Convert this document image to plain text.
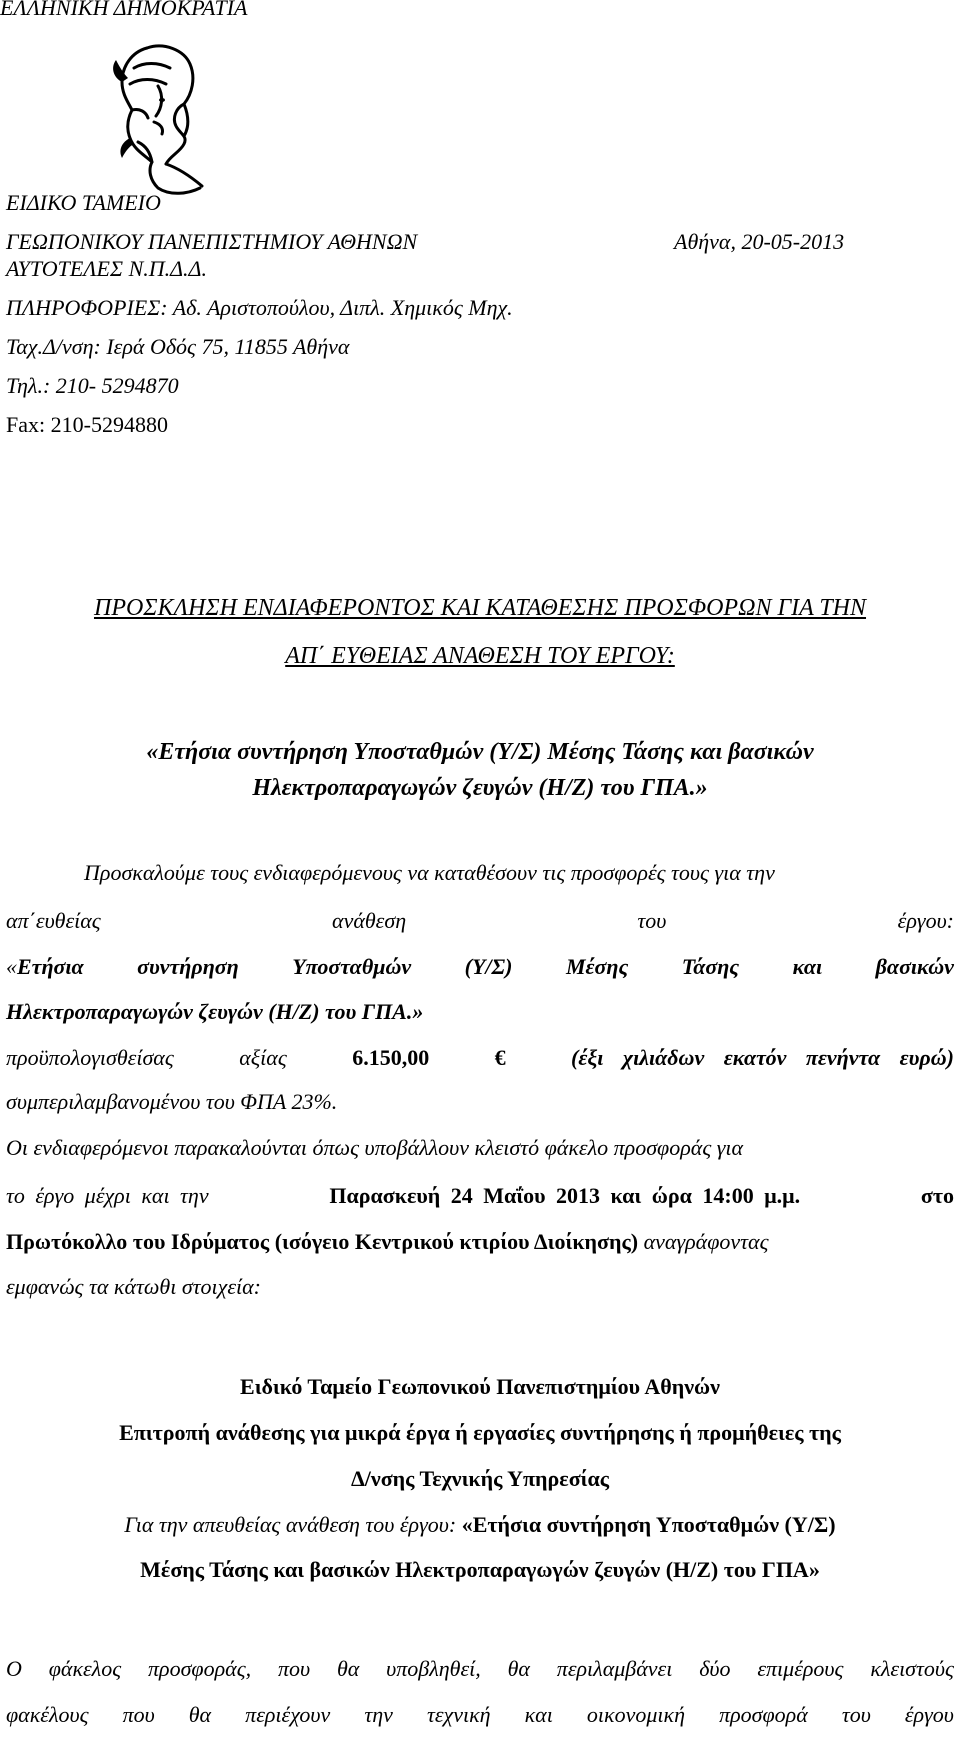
ΕΛΛΗΝΙΚΗ ΔΗΜΟΚΡΑΤΙΑ
ΕΙΔΙΚΟ ΤΑΜΕΙΟ
ΓΕΩΠΟΝΙΚΟΥ ΠΑΝΕΠΙΣΤΗΜΙΟΥ ΑΘΗΝΩΝ
ΑΥΤΟΤΕΛΕΣ Ν.Π.Δ.Δ.
Αθήνα, 20-05-2013
ΠΛΗΡΟΦΟΡΙΕΣ: Αδ. Αριστοπούλου, Διπλ. Χημικός Μηχ.
Ταχ.Δ/νση: Ιερά Οδός 75, 11855 Αθήνα
Τηλ.: 210- 5294870
Fax: 210-5294880
ΠΡΟΣΚΛΗΣΗ ΕΝΔΙΑΦΕΡΟΝΤΟΣ ΚΑΙ ΚΑΤΑΘΕΣΗΣ ΠΡΟΣΦΟΡΩΝ ΓΙΑ ΤΗΝ
ΑΠ΄ ΕΥΘΕΙΑΣ ΑΝΑΘΕΣΗ ΤΟΥ ΕΡΓΟΥ:
«Ετήσια συντήρηση Υποσταθμών (Υ/Σ) Μέσης Τάσης και βασικών
Ηλεκτροπαραγωγών ζευγών (Η/Ζ) του ΓΠΑ.»
Προσκαλούμε τους ενδιαφερόμενους να καταθέσουν τις προσφορές τους για την
απ΄ευθείας	ανάθεση	του	έργου:
«Ετήσια συντήρηση Υποσταθμών (Υ/Σ) Μέσης Τάσης και βασικών
Ηλεκτροπαραγωγών ζευγών (Η/Ζ) του ΓΠΑ.»
προϋπολογισθείσας	αξίας	6.150,00	€	(έξι χιλιάδων εκατόν πενήντα ευρώ)
συμπεριλαμβανομένου του ΦΠΑ 23%.
Οι ενδιαφερόμενοι παρακαλούνται όπως υποβάλλουν κλειστό φάκελο προσφοράς για
το έργο μέχρι και την	Παρασκευή 24 Μαΐου 2013 και ώρα 14:00 μ.μ.	στο
Πρωτόκολλο του Ιδρύματος (ισόγειο Κεντρικού κτιρίου Διοίκησης) αναγράφοντας
εμφανώς τα κάτωθι στοιχεία:
Ειδικό Ταμείο Γεωπονικού Πανεπιστημίου Αθηνών
Επιτροπή ανάθεσης για μικρά έργα ή εργασίες συντήρησης ή προμήθειες της
Δ/νσης Τεχνικής Υπηρεσίας
Για την απευθείας ανάθεση του έργου: «Ετήσια συντήρηση Υποσταθμών (Υ/Σ)
Μέσης Τάσης και βασικών Ηλεκτροπαραγωγών ζευγών (Η/Ζ) του ΓΠΑ»
Ο φάκελος προσφοράς, που θα υποβληθεί, θα περιλαμβάνει δύο επιμέρους κλειστούς
φακέλους που θα περιέχουν την τεχνική και οικονομική προσφορά του έργου
